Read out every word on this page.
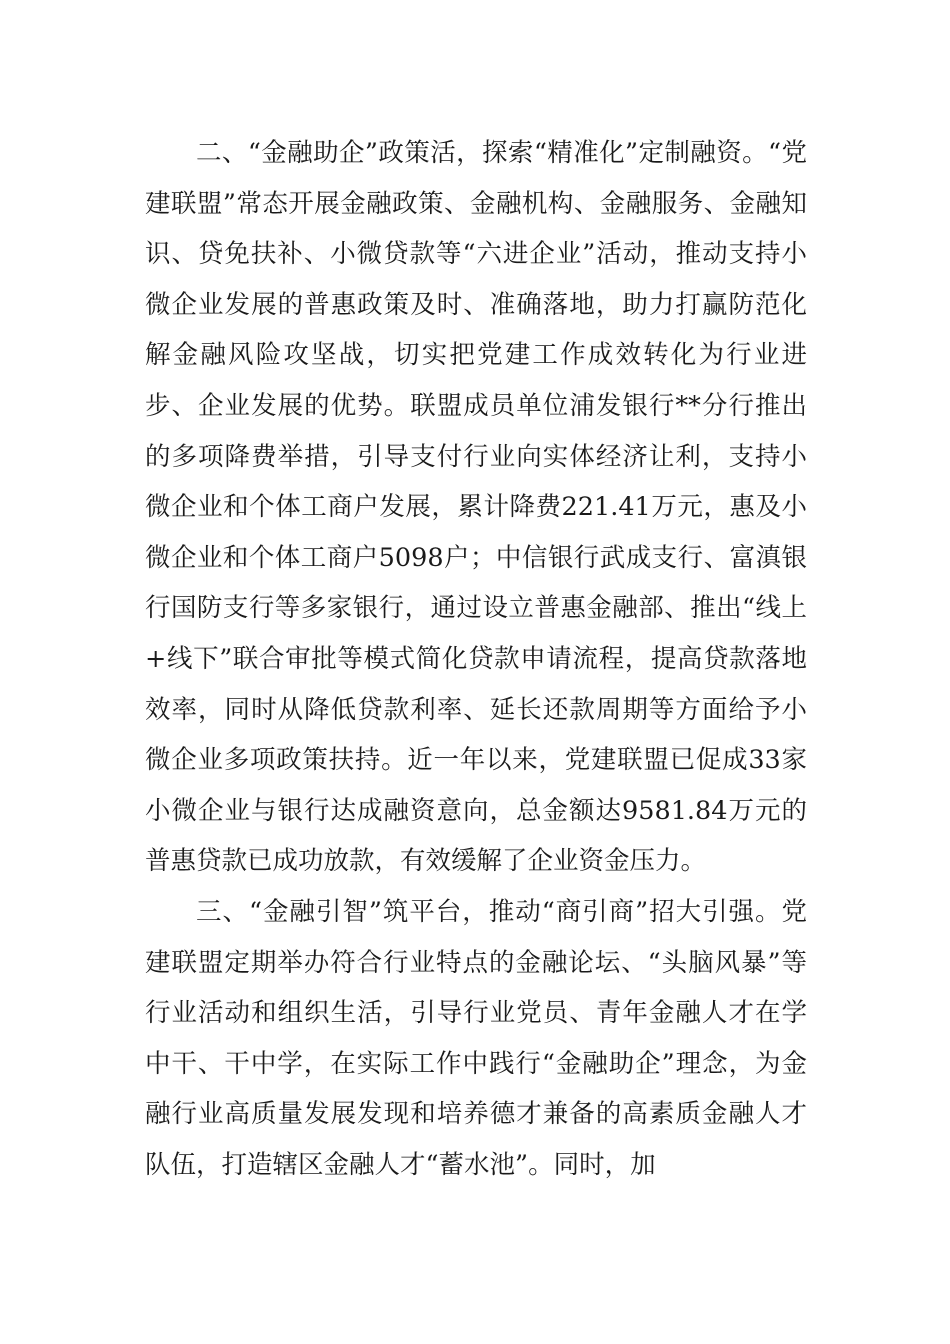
二、“金融助企”政策活，探索“精准化”定制融资。“党建联盟”常态开展金融政策、金融机构、金融服务、金融知识、贷免扶补、小微贷款等“六进企业”活动，推动支持小微企业发展的普惠政策及时、准确落地，助力打赢防范化解金融风险攻坚战，切实把党建工作成效转化为行业进步、企业发展的优势。联盟成员单位浦发银行**分行推出的多项降费举措，引导支付行业向实体经济让利，支持小微企业和个体工商户发展，累计降费221.41万元，惠及小微企业和个体工商户5098户；中信银行武成支行、富滇银行国防支行等多家银行，通过设立普惠金融部、推出“线上+线下”联合审批等模式简化贷款申请流程，提高贷款落地效率，同时从降低贷款利率、延长还款周期等方面给予小微企业多项政策扶持。近一年以来，党建联盟已促成33家小微企业与银行达成融资意向，总金额达9581.84万元的普惠贷款已成功放款，有效缓解了企业资金压力。

三、“金融引智”筑平台，推动“商引商”招大引强。党建联盟定期举办符合行业特点的金融论坛、“头脑风暴”等行业活动和组织生活，引导行业党员、青年金融人才在学中干、干中学，在实际工作中践行“金融助企”理念，为金融行业高质量发展发现和培养德才兼备的高素质金融人才队伍，打造辖区金融人才“蓄水池”。同时，加
